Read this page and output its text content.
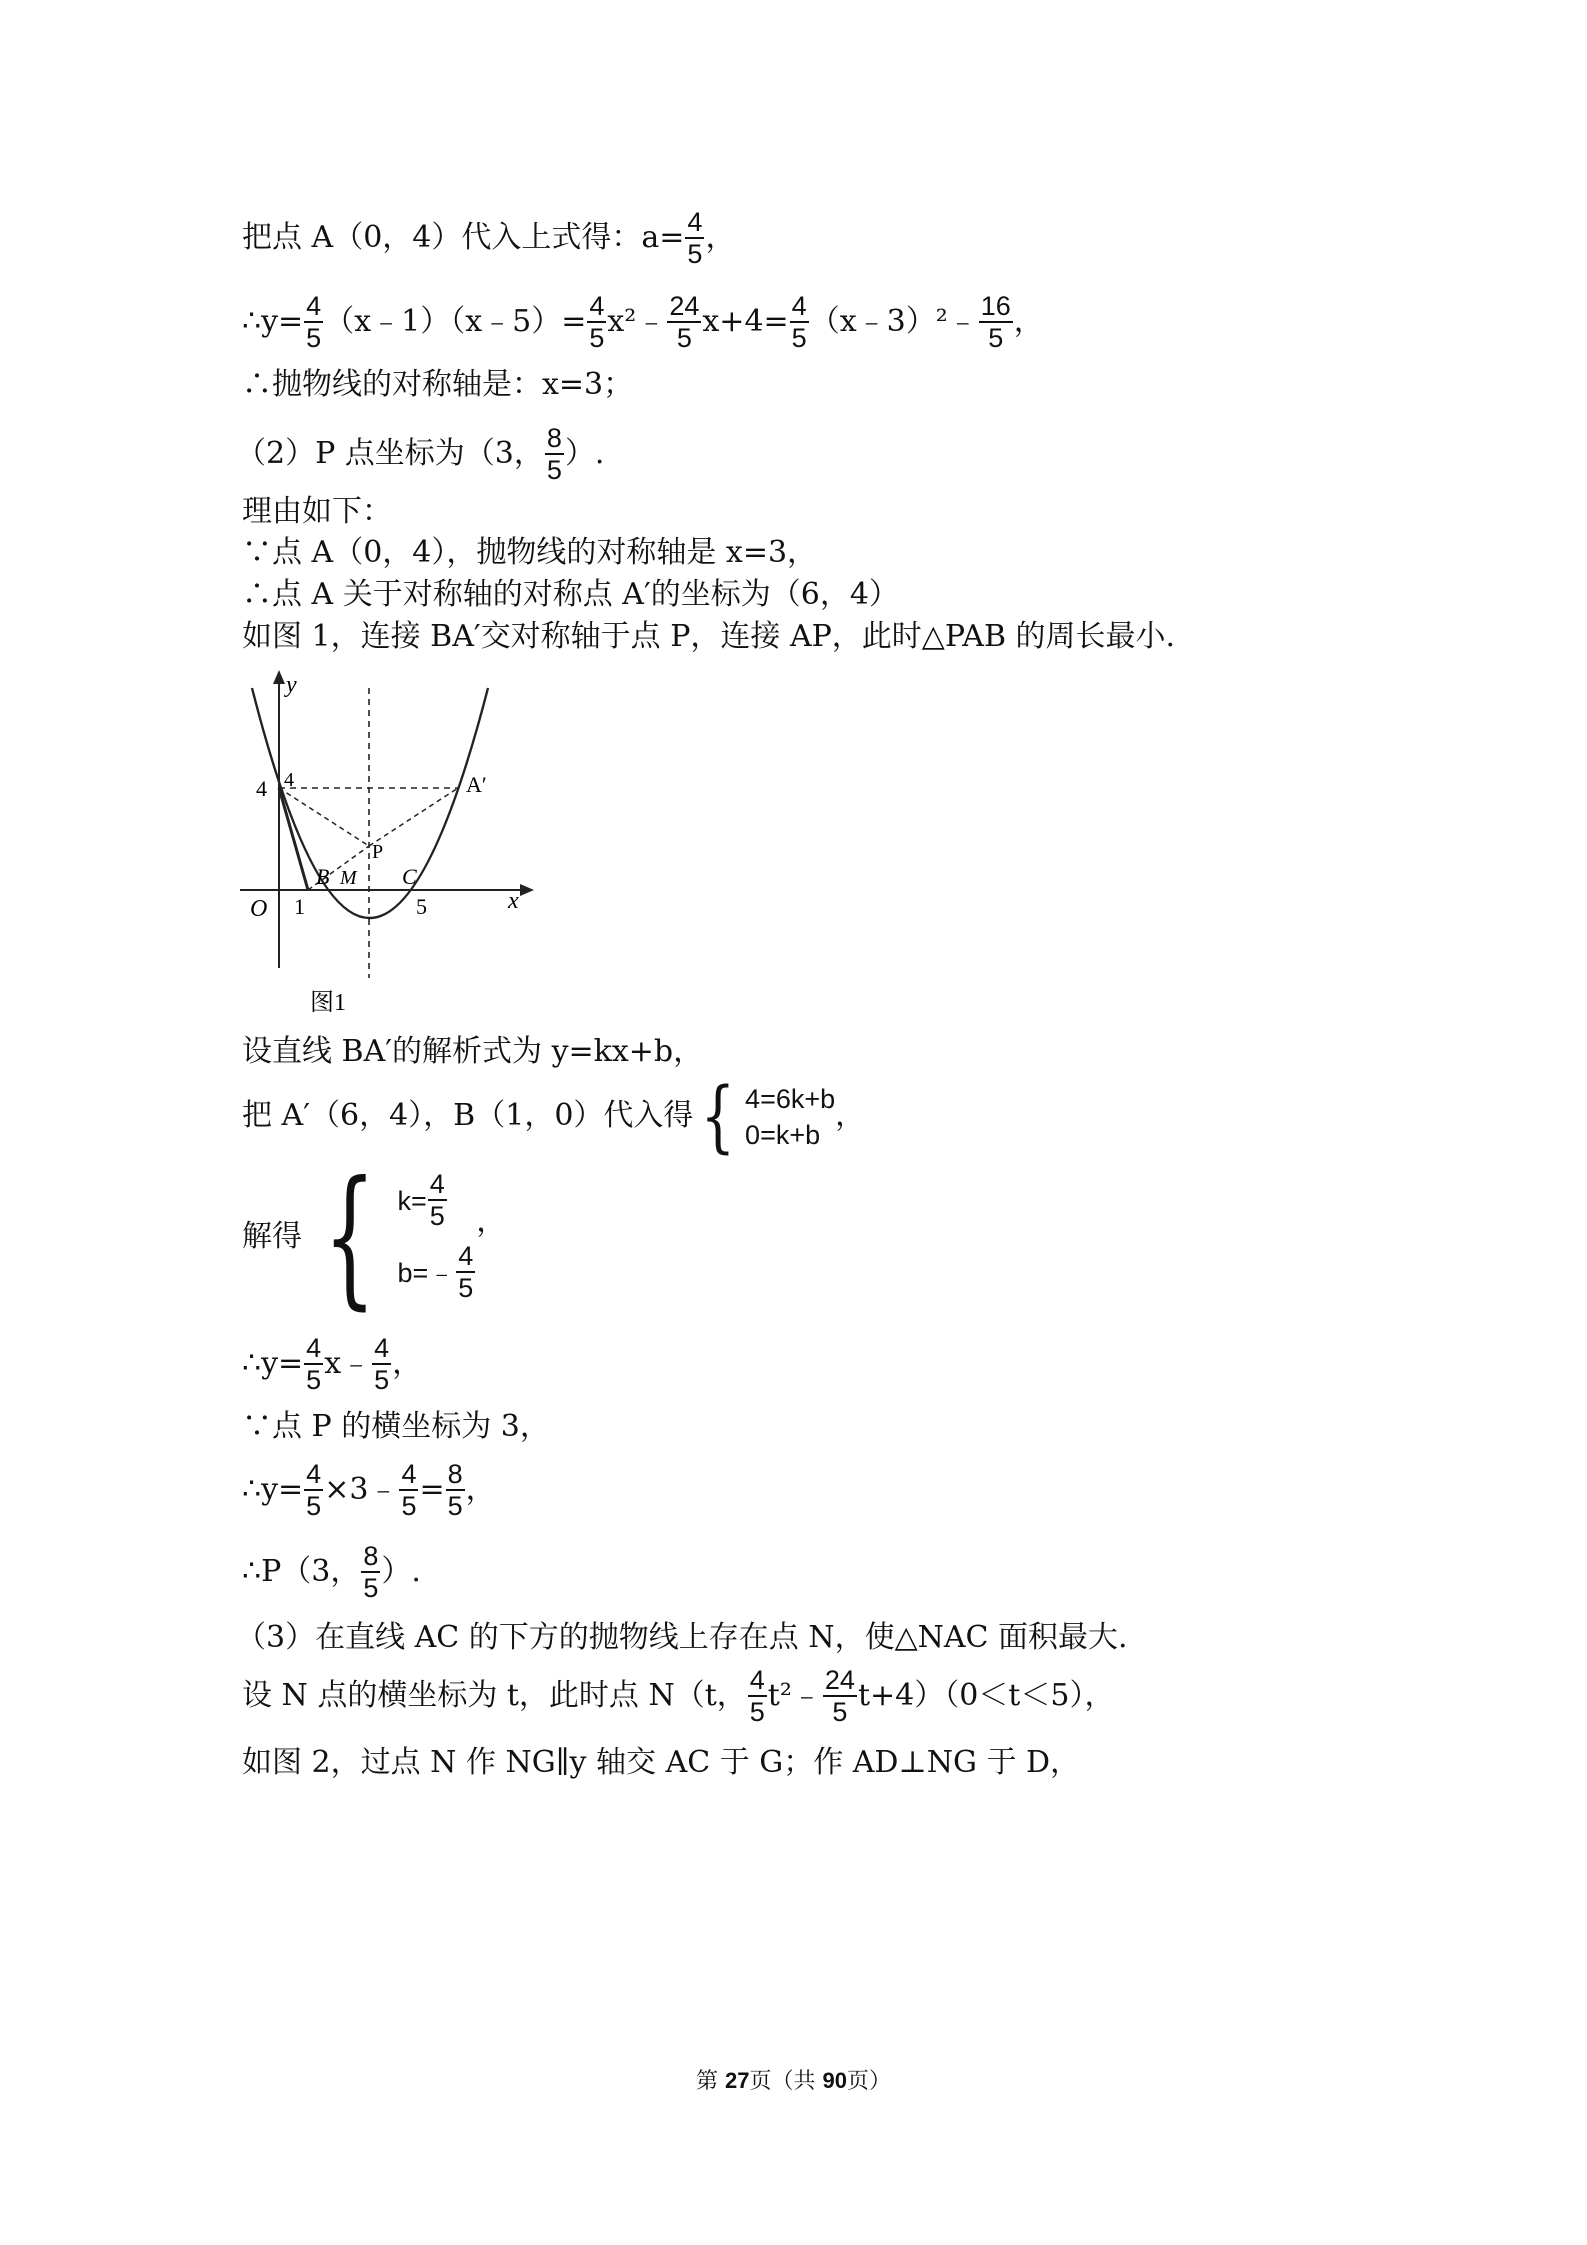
把点 A（0，4）代入上式得：$a= \frac{4}{5}$ ，
∴y= $\frac{4}{5}$ （x﹣1）（x﹣5）= $\frac{4}{5}$ x²﹣ $\frac{24}{5} x+4= \frac{4}{5}$ （x﹣3）²﹣ $\frac{16}{5}$ ，
∴抛物线的对称轴是：x=3；
（2）P 点坐标为（3， $\frac{8}{5}$ ）.
理由如下：
∵点 A（0，4），抛物线的对称轴是 x=3，
∴点 A 关于对称轴的对称点 A′的坐标为（6，4）
如图 1，连接 BA′交对称轴于点 P，连接 AP，此时△PAB 的周长最小.
y
x
O
4 4	A′
P
B M C
1	5
图1
设直线 BA′的解析式为 y=kx+b，
把 A′（6，4），B（1，0）代入得 { 4=6k+b
0=k+b
，
解得 { $k= \frac{4}{5}$
b=﹣ $\frac{4}{5}$
，
∴y= $\frac{4}{5}$ x﹣ $\frac{4}{5}$ ，
∵点 P 的横坐标为 3，
∴y= $\frac{4}{5}$ ×3﹣ $\frac{4}{5} = \frac{8}{5}$ ，
∴P（3， $\frac{8}{5}$ ）.
（3）在直线 AC 的下方的抛物线上存在点 N，使△NAC 面积最大.
设 N 点的横坐标为 t，此时点 N（t， $\frac{4}{5}$ t²﹣ $\frac{24}{5} t+4)(0<t<5)$，
如图 2，过点 N 作 NG∥y 轴交 AC 于 G；作 AD⊥NG 于 D，
第 27页（共 90页）
